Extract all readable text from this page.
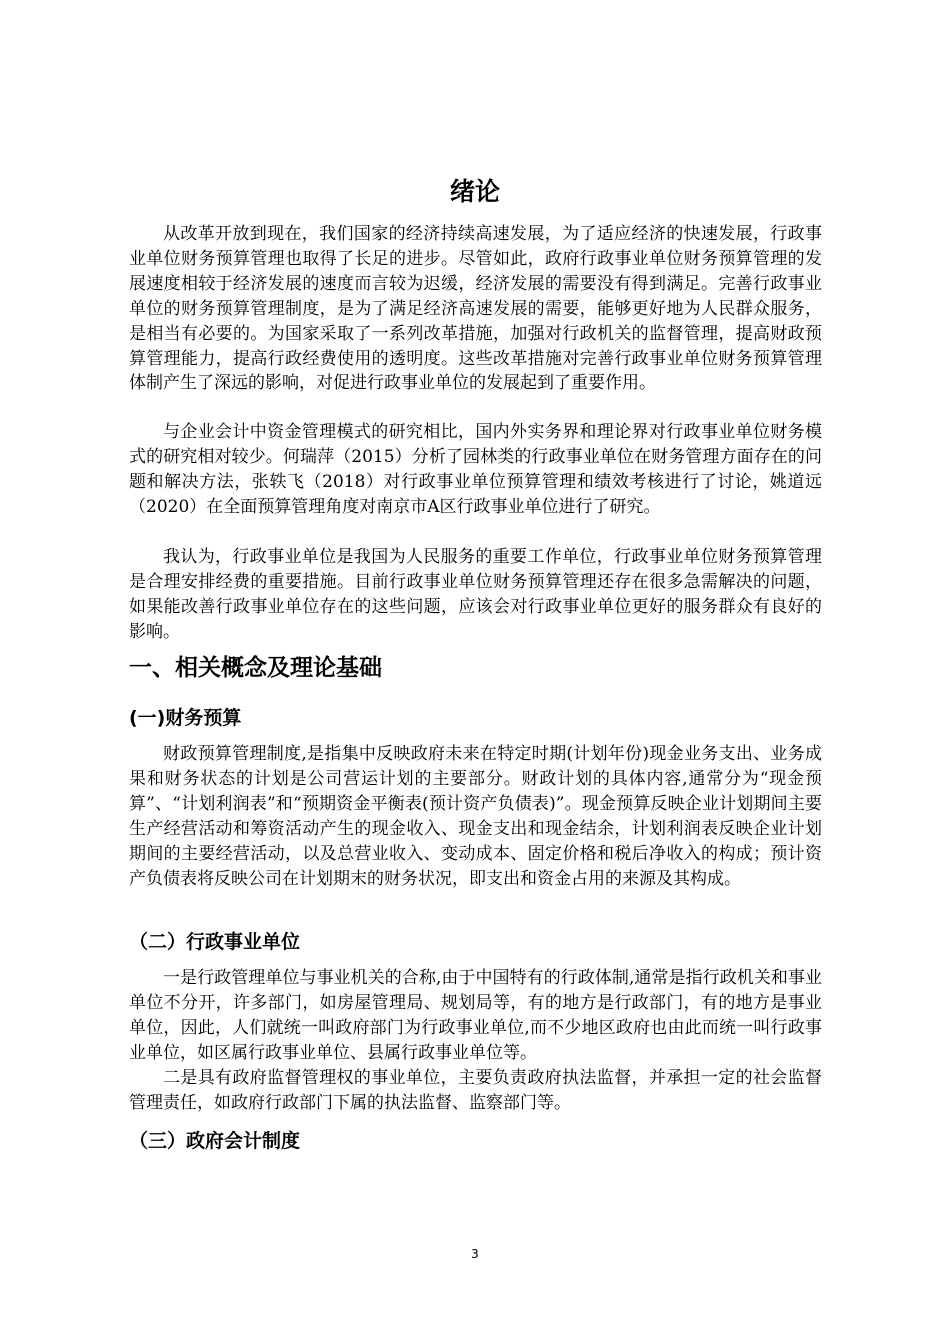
绪论

从改革开放到现在，我们国家的经济持续高速发展，为了适应经济的快速发展，行政事业单位财务预算管理也取得了长足的进步。尽管如此，政府行政事业单位财务预算管理的发展速度相较于经济发展的速度而言较为迟缓，经济发展的需要没有得到满足。完善行政事业单位的财务预算管理制度，是为了满足经济高速发展的需要，能够更好地为人民群众服务，是相当有必要的。为国家采取了一系列改革措施，加强对行政机关的监督管理，提高财政预算管理能力，提高行政经费使用的透明度。这些改革措施对完善行政事业单位财务预算管理体制产生了深远的影响，对促进行政事业单位的发展起到了重要作用。

与企业会计中资金管理模式的研究相比，国内外实务界和理论界对行政事业单位财务模式的研究相对较少。何瑞萍（2015）分析了园林类的行政事业单位在财务管理方面存在的问题和解决方法，张轶飞（2018）对行政事业单位预算管理和绩效考核进行了讨论，姚道远（2020）在全面预算管理角度对南京市A区行政事业单位进行了研究。

我认为，行政事业单位是我国为人民服务的重要工作单位，行政事业单位财务预算管理是合理安排经费的重要措施。目前行政事业单位财务预算管理还存在很多急需解决的问题，如果能改善行政事业单位存在的这些问题，应该会对行政事业单位更好的服务群众有良好的影响。

一、相关概念及理论基础
(一)财务预算

财政预算管理制度,是指集中反映政府未来在特定时期(计划年份)现金业务支出、业务成果和财务状态的计划是公司营运计划的主要部分。财政计划的具体内容,通常分为“现金预算”、“计划利润表”和“预期资金平衡表(预计资产负债表)”。现金预算反映企业计划期间主要生产经营活动和筹资活动产生的现金收入、现金支出和现金结余，计划利润表反映企业计划期间的主要经营活动，以及总营业收入、变动成本、固定价格和税后净收入的构成；预计资产负债表将反映公司在计划期末的财务状况，即支出和资金占用的来源及其构成。

（二）行政事业单位

一是行政管理单位与事业机关的合称,由于中国特有的行政体制,通常是指行政机关和事业单位不分开，许多部门，如房屋管理局、规划局等，有的地方是行政部门，有的地方是事业单位，因此，人们就统一叫政府部门为行政事业单位,而不少地区政府也由此而统一叫行政事业单位，如区属行政事业单位、县属行政事业单位等。

二是具有政府监督管理权的事业单位，主要负责政府执法监督，并承担一定的社会监督管理责任，如政府行政部门下属的执法监督、监察部门等。

（三）政府会计制度
3
